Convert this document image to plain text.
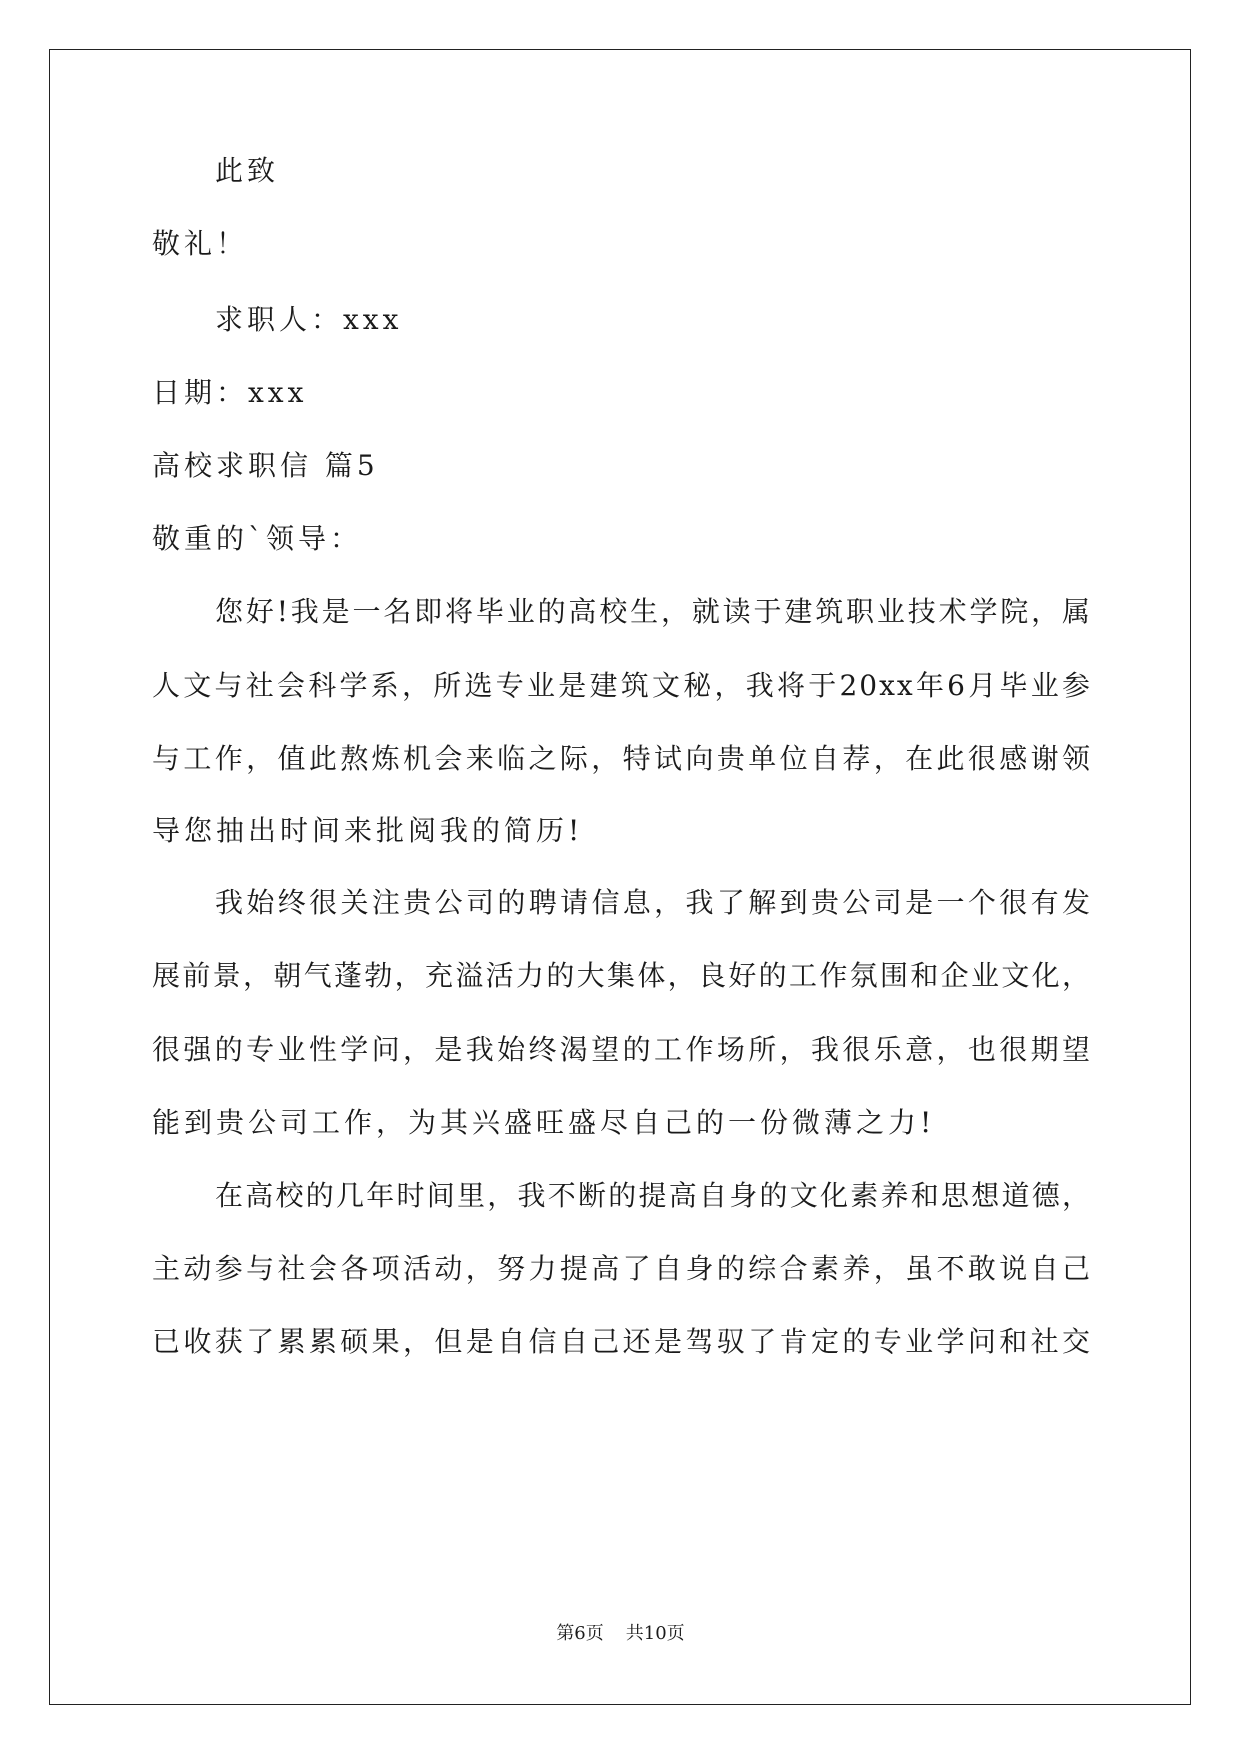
此致
敬礼！
求职人：xxx
日期：xxx
高校求职信 篇5
敬重的`领导：
您好!我是一名即将毕业的高校生，就读于建筑职业技术学院，属
人文与社会科学系，所选专业是建筑文秘，我将于20xx年6月毕业参
与工作，值此熬炼机会来临之际，特试向贵单位自荐，在此很感谢领
导您抽出时间来批阅我的简历!
我始终很关注贵公司的聘请信息，我了解到贵公司是一个很有发
展前景，朝气蓬勃，充溢活力的大集体，良好的工作氛围和企业文化，
很强的专业性学问，是我始终渴望的工作场所，我很乐意，也很期望
能到贵公司工作，为其兴盛旺盛尽自己的一份微薄之力!
在高校的几年时间里，我不断的提高自身的文化素养和思想道德，
主动参与社会各项活动，努力提高了自身的综合素养，虽不敢说自己
已收获了累累硕果，但是自信自己还是驾驭了肯定的专业学问和社交
第6页 共10页
